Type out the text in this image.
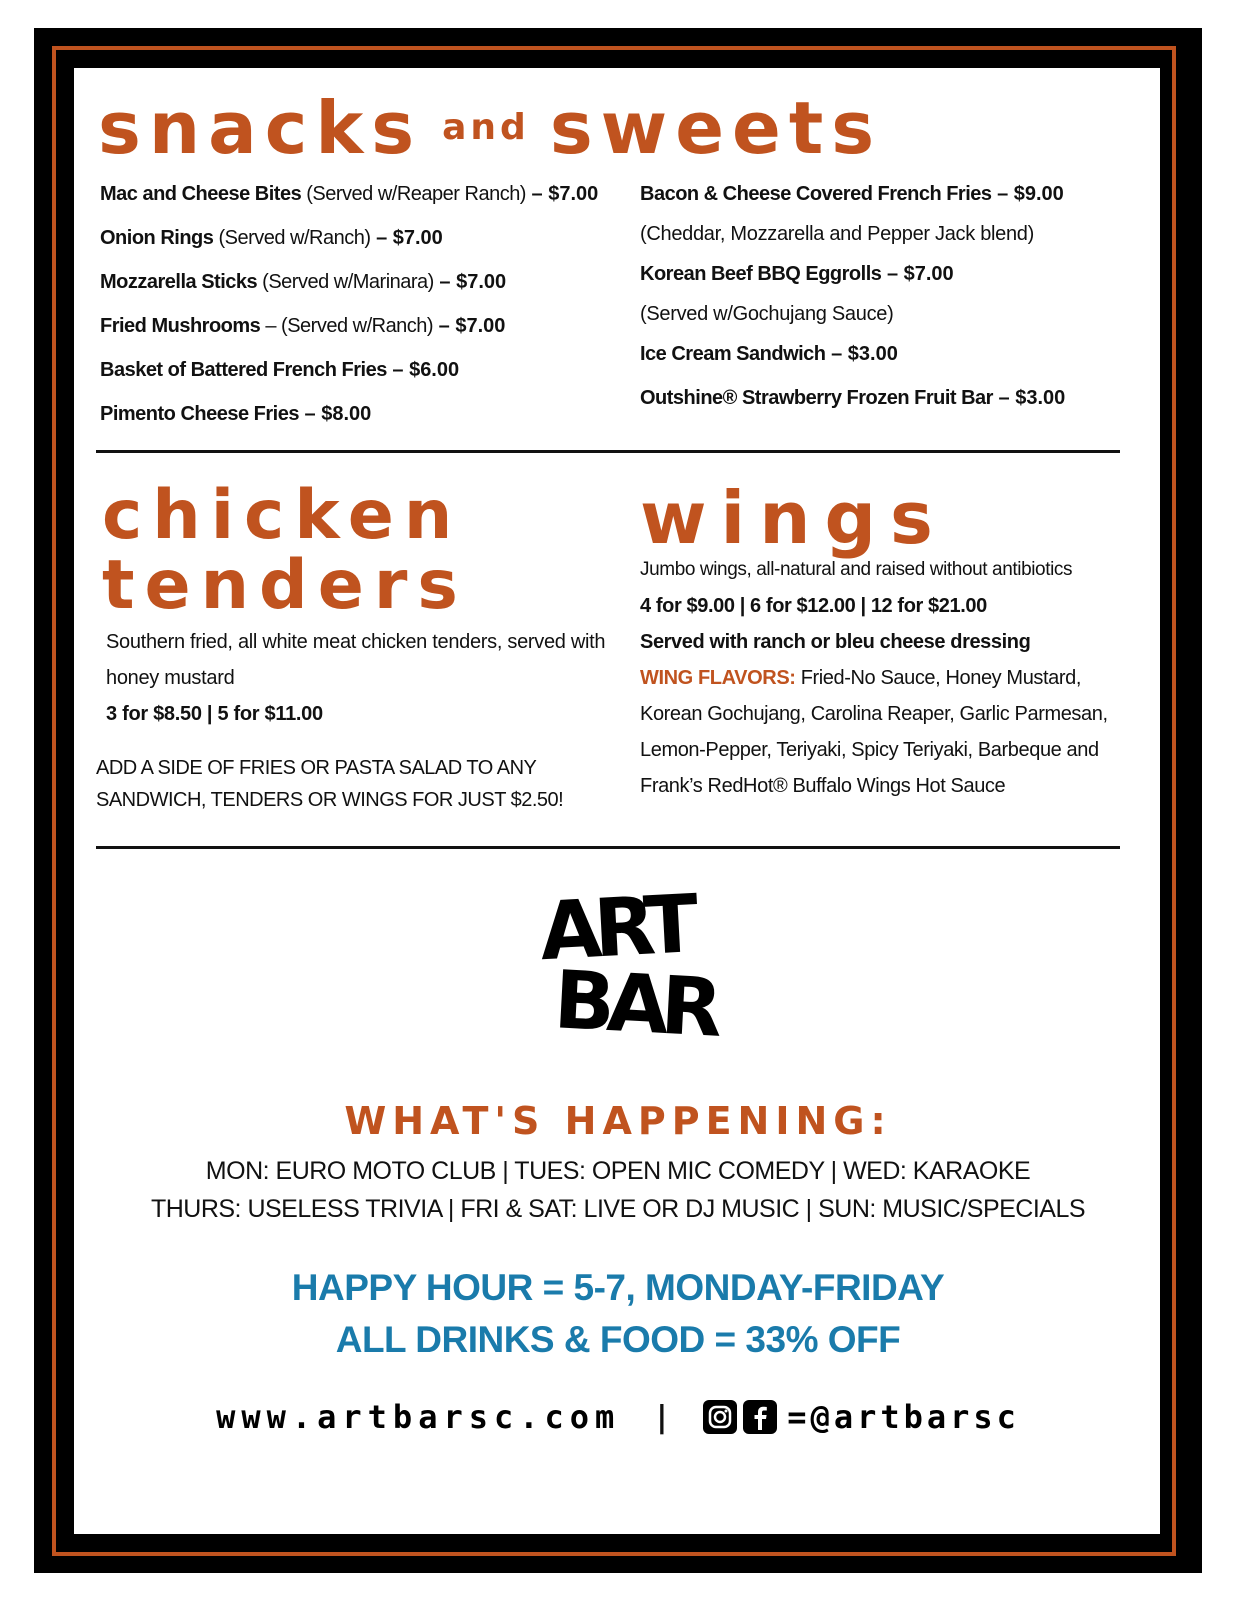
snacks and sweets
Mac and Cheese Bites (Served w/Reaper Ranch) – $7.00
Onion Rings (Served w/Ranch) – $7.00
Mozzarella Sticks (Served w/Marinara) – $7.00
Fried Mushrooms – (Served w/Ranch) – $7.00
Basket of Battered French Fries – $6.00
Pimento Cheese Fries – $8.00
Bacon & Cheese Covered French Fries – $9.00
(Cheddar, Mozzarella and Pepper Jack blend)
Korean Beef BBQ Eggrolls – $7.00
(Served w/Gochujang Sauce)
Ice Cream Sandwich – $3.00
Outshine® Strawberry Frozen Fruit Bar – $3.00
chicken
tenders
Southern fried, all white meat chicken tenders, served with honey mustard
3 for $8.50 | 5 for $11.00
ADD A SIDE OF FRIES OR PASTA SALAD TO ANY SANDWICH, TENDERS OR WINGS FOR JUST $2.50!
wings
Jumbo wings, all-natural and raised without antibiotics
4 for $9.00 | 6 for $12.00 | 12 for $21.00
Served with ranch or bleu cheese dressing
WING FLAVORS: Fried-No Sauce, Honey Mustard, Korean Gochujang, Carolina Reaper, Garlic Parmesan, Lemon-Pepper, Teriyaki, Spicy Teriyaki, Barbeque and Frank’s RedHot® Buffalo Wings Hot Sauce
ART
BAR
WHAT'S HAPPENING:
MON: EURO MOTO CLUB | TUES: OPEN MIC COMEDY | WED: KARAOKE
THURS: USELESS TRIVIA | FRI & SAT: LIVE OR DJ MUSIC | SUN: MUSIC/SPECIALS
HAPPY HOUR = 5-7, MONDAY-FRIDAY
ALL DRINKS & FOOD = 33% OFF
www.artbarsc.com |	=@artbarsc
